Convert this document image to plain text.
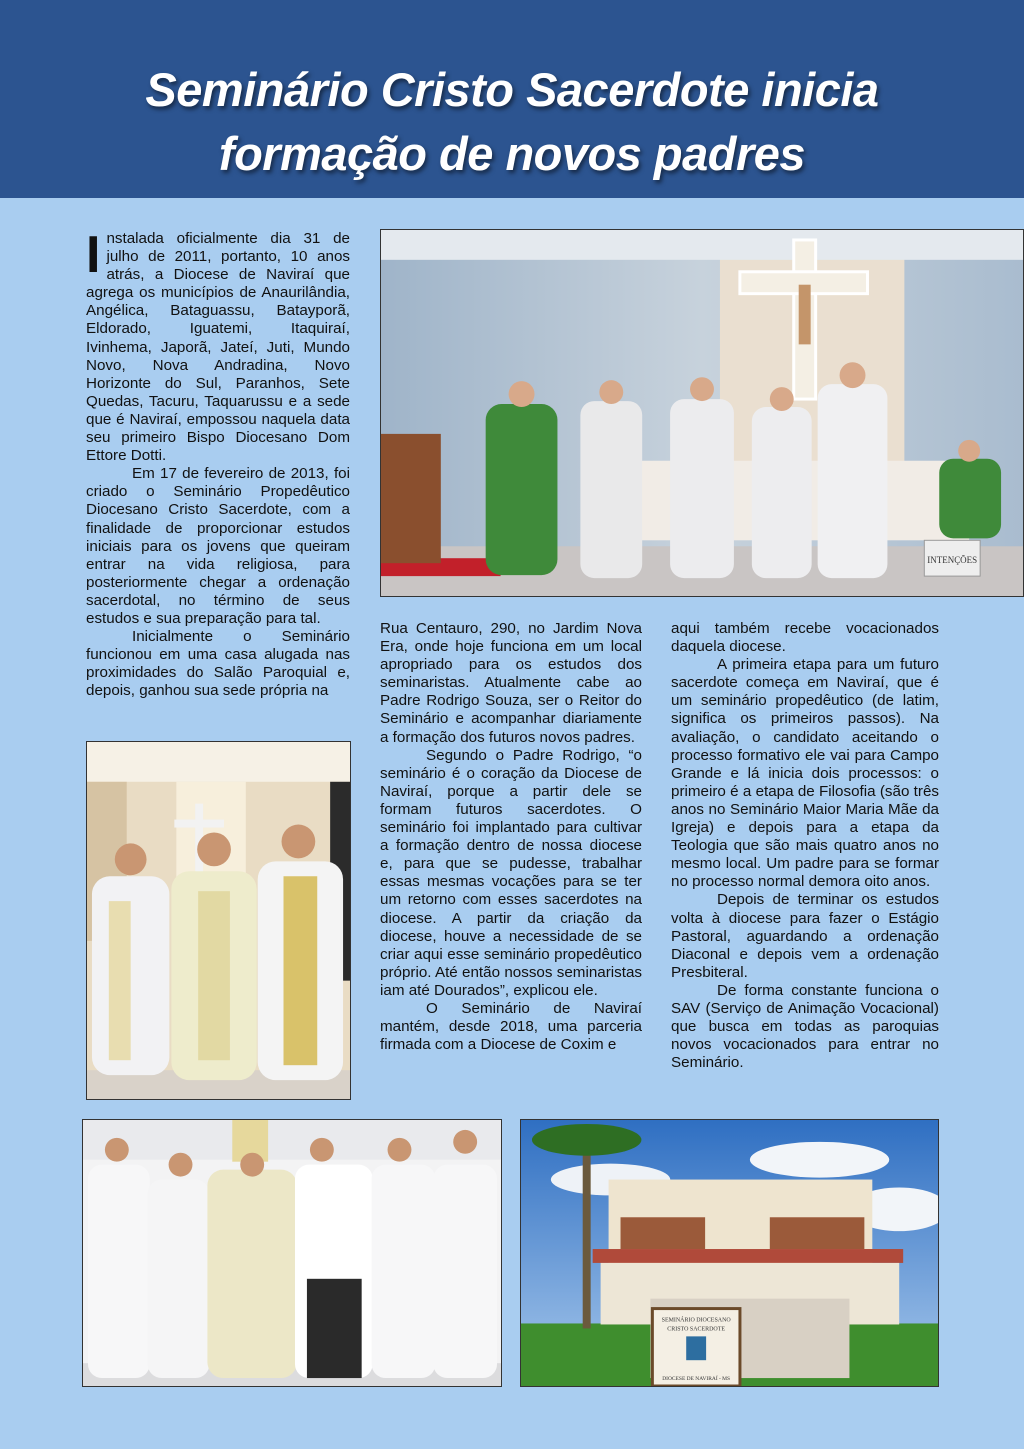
Seminário Cristo Sacerdote inicia
formação de novos padres

Instalada oficialmente dia 31 de julho de 2011, portanto, 10 anos atrás, a Diocese de Naviraí que agrega os municípios de Anaurilândia, Angélica, Bataguassu, Batayporã, Eldorado, Iguatemi, Itaquiraí, Ivinhema, Japorã, Jateí, Juti, Mundo Novo, Nova Andradina, Novo Horizonte do Sul, Paranhos, Sete Quedas, Tacuru, Taquarussu e a sede que é Naviraí, empossou naquela data seu primeiro Bispo Diocesano Dom Ettore Dotti.

Em 17 de fevereiro de 2013, foi criado o Seminário Propedêutico Diocesano Cristo Sacerdote, com a finalidade de proporcionar estudos iniciais para os jovens que queiram entrar na vida religiosa, para posteriormente chegar a ordenação sacerdotal, no término de seus estudos e sua preparação para tal.

Inicialmente o Seminário funcionou em uma casa alugada nas proximidades do Salão Paroquial e, depois, ganhou sua sede própria na

Rua Centauro, 290, no Jardim Nova Era, onde hoje funciona em um local apropriado para os estudos dos seminaristas. Atualmente cabe ao Padre Rodrigo Souza, ser o Reitor do Seminário e acompanhar diariamente a formação dos futuros novos padres.

Segundo o Padre Rodrigo, “o seminário é o coração da Diocese de Naviraí, porque a partir dele se formam futuros sacerdotes. O seminário foi implantado para cultivar a formação dentro de nossa diocese e, para que se pudesse, trabalhar essas mesmas vocações para se ter um retorno com esses sacerdotes na diocese. A partir da criação da diocese, houve a necessidade de se criar aqui esse seminário propedêutico próprio. Até então nossos seminaristas iam até Dourados”, explicou ele.

O Seminário de Naviraí mantém, desde 2018, uma parceria firmada com a Diocese de Coxim e

aqui também recebe vocacionados daquela diocese.

A primeira etapa para um futuro sacerdote começa em Naviraí, que é um seminário propedêutico (de latim, significa os primeiros passos). Na avaliação, o candidato aceitando o processo formativo ele vai para Campo Grande e lá inicia dois processos: o primeiro é a etapa de Filosofia (são três anos no Seminário Maior Maria Mãe da Igreja) e depois para a etapa da Teologia que são mais quatro anos no mesmo local. Um padre para se formar no processo normal demora oito anos.

Depois de terminar os estudos volta à diocese para fazer o Estágio Pastoral, aguardando a ordenação Diaconal e depois vem a ordenação Presbiteral.

De forma constante funciona o SAV (Serviço de Animação Vocacional) que busca em todas as paroquias novos vocacionados para entrar no Seminário.

INTENÇÕES
SEMINÁRIO DIOCESANO
CRISTO SACERDOTE
DIOCESE DE NAVIRAÍ - MS
